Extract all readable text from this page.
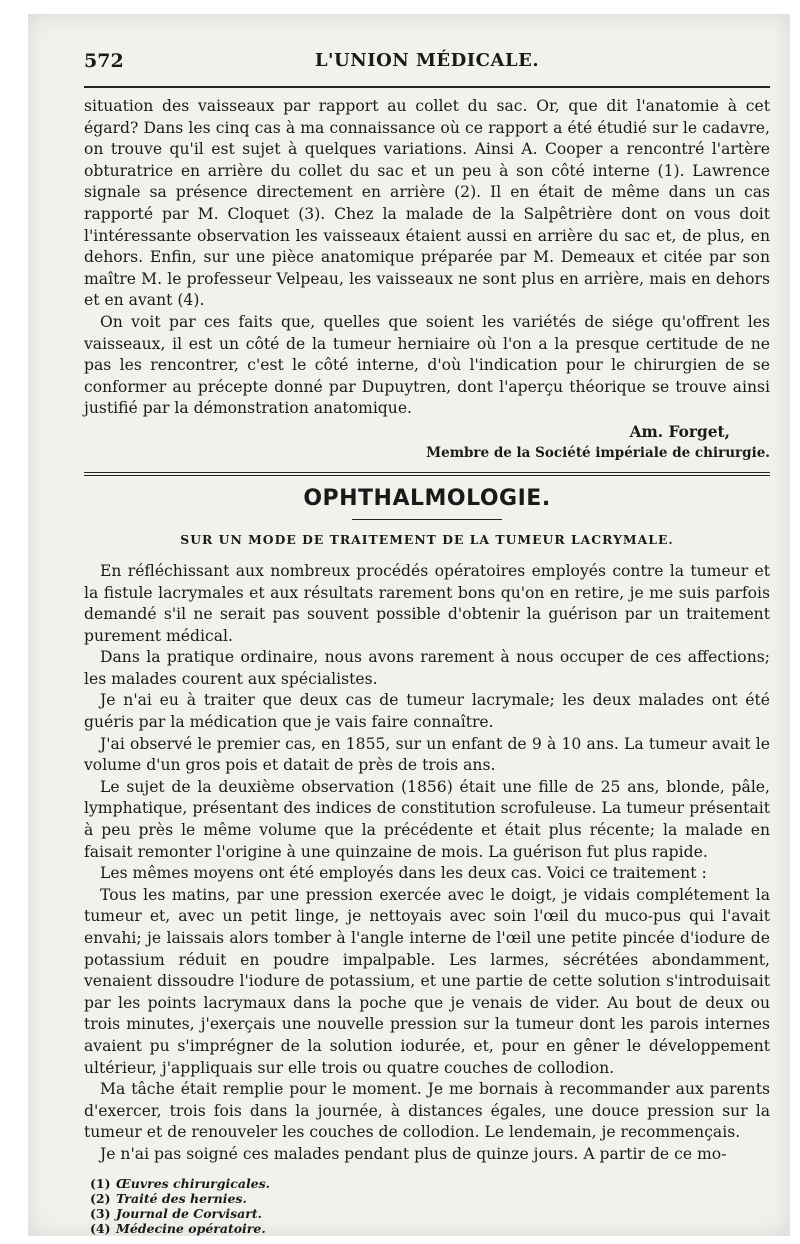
572	L'UNION MÉDICALE.

situation des vaisseaux par rapport au collet du sac. Or, que dit l'anatomie à cet égard? Dans les cinq cas à ma connaissance où ce rapport a été étudié sur le cadavre, on trouve qu'il est sujet à quelques variations. Ainsi A. Cooper a rencontré l'artère obturatrice en arrière du collet du sac et un peu à son côté interne (1). Lawrence signale sa présence directement en arrière (2). Il en était de même dans un cas rapporté par M. Cloquet (3). Chez la malade de la Salpêtrière dont on vous doit l'intéressante observation les vaisseaux étaient aussi en arrière du sac et, de plus, en dehors. Enfin, sur une pièce anatomique préparée par M. Demeaux et citée par son maître M. le professeur Velpeau, les vaisseaux ne sont plus en arrière, mais en dehors et en avant (4).

On voit par ces faits que, quelles que soient les variétés de siége qu'offrent les vaisseaux, il est un côté de la tumeur herniaire où l'on a la presque certitude de ne pas les rencontrer, c'est le côté interne, d'où l'indication pour le chirurgien de se conformer au précepte donné par Dupuytren, dont l'aperçu théorique se trouve ainsi justifié par la démonstration anatomique.

Am. Forget,
Membre de la Société impériale de chirurgie.
OPHTHALMOLOGIE.
SUR UN MODE DE TRAITEMENT DE LA TUMEUR LACRYMALE.

En réfléchissant aux nombreux procédés opératoires employés contre la tumeur et la fistule lacrymales et aux résultats rarement bons qu'on en retire, je me suis parfois demandé s'il ne serait pas souvent possible d'obtenir la guérison par un traitement purement médical.

Dans la pratique ordinaire, nous avons rarement à nous occuper de ces affections; les malades courent aux spécialistes.

Je n'ai eu à traiter que deux cas de tumeur lacrymale; les deux malades ont été guéris par la médication que je vais faire connaître.

J'ai observé le premier cas, en 1855, sur un enfant de 9 à 10 ans. La tumeur avait le volume d'un gros pois et datait de près de trois ans.

Le sujet de la deuxième observation (1856) était une fille de 25 ans, blonde, pâle, lymphatique, présentant des indices de constitution scrofuleuse. La tumeur présentait à peu près le même volume que la précédente et était plus récente; la malade en faisait remonter l'origine à une quinzaine de mois. La guérison fut plus rapide.

Les mêmes moyens ont été employés dans les deux cas. Voici ce traitement :

Tous les matins, par une pression exercée avec le doigt, je vidais complétement la tumeur et, avec un petit linge, je nettoyais avec soin l'œil du muco-pus qui l'avait envahi; je laissais alors tomber à l'angle interne de l'œil une petite pincée d'iodure de potassium réduit en poudre impalpable. Les larmes, sécrétées abondamment, venaient dissoudre l'iodure de potassium, et une partie de cette solution s'introduisait par les points lacrymaux dans la poche que je venais de vider. Au bout de deux ou trois minutes, j'exerçais une nouvelle pression sur la tumeur dont les parois internes avaient pu s'imprégner de la solution iodurée, et, pour en gêner le développement ultérieur, j'appliquais sur elle trois ou quatre couches de collodion.

Ma tâche était remplie pour le moment. Je me bornais à recommander aux parents d'exercer, trois fois dans la journée, à distances égales, une douce pression sur la tumeur et de renouveler les couches de collodion. Le lendemain, je recommençais.

Je n'ai pas soigné ces malades pendant plus de quinze jours. A partir de ce mo-

(1) Œuvres chirurgicales.
(2) Traité des hernies.
(3) Journal de Corvisart.
(4) Médecine opératoire.
